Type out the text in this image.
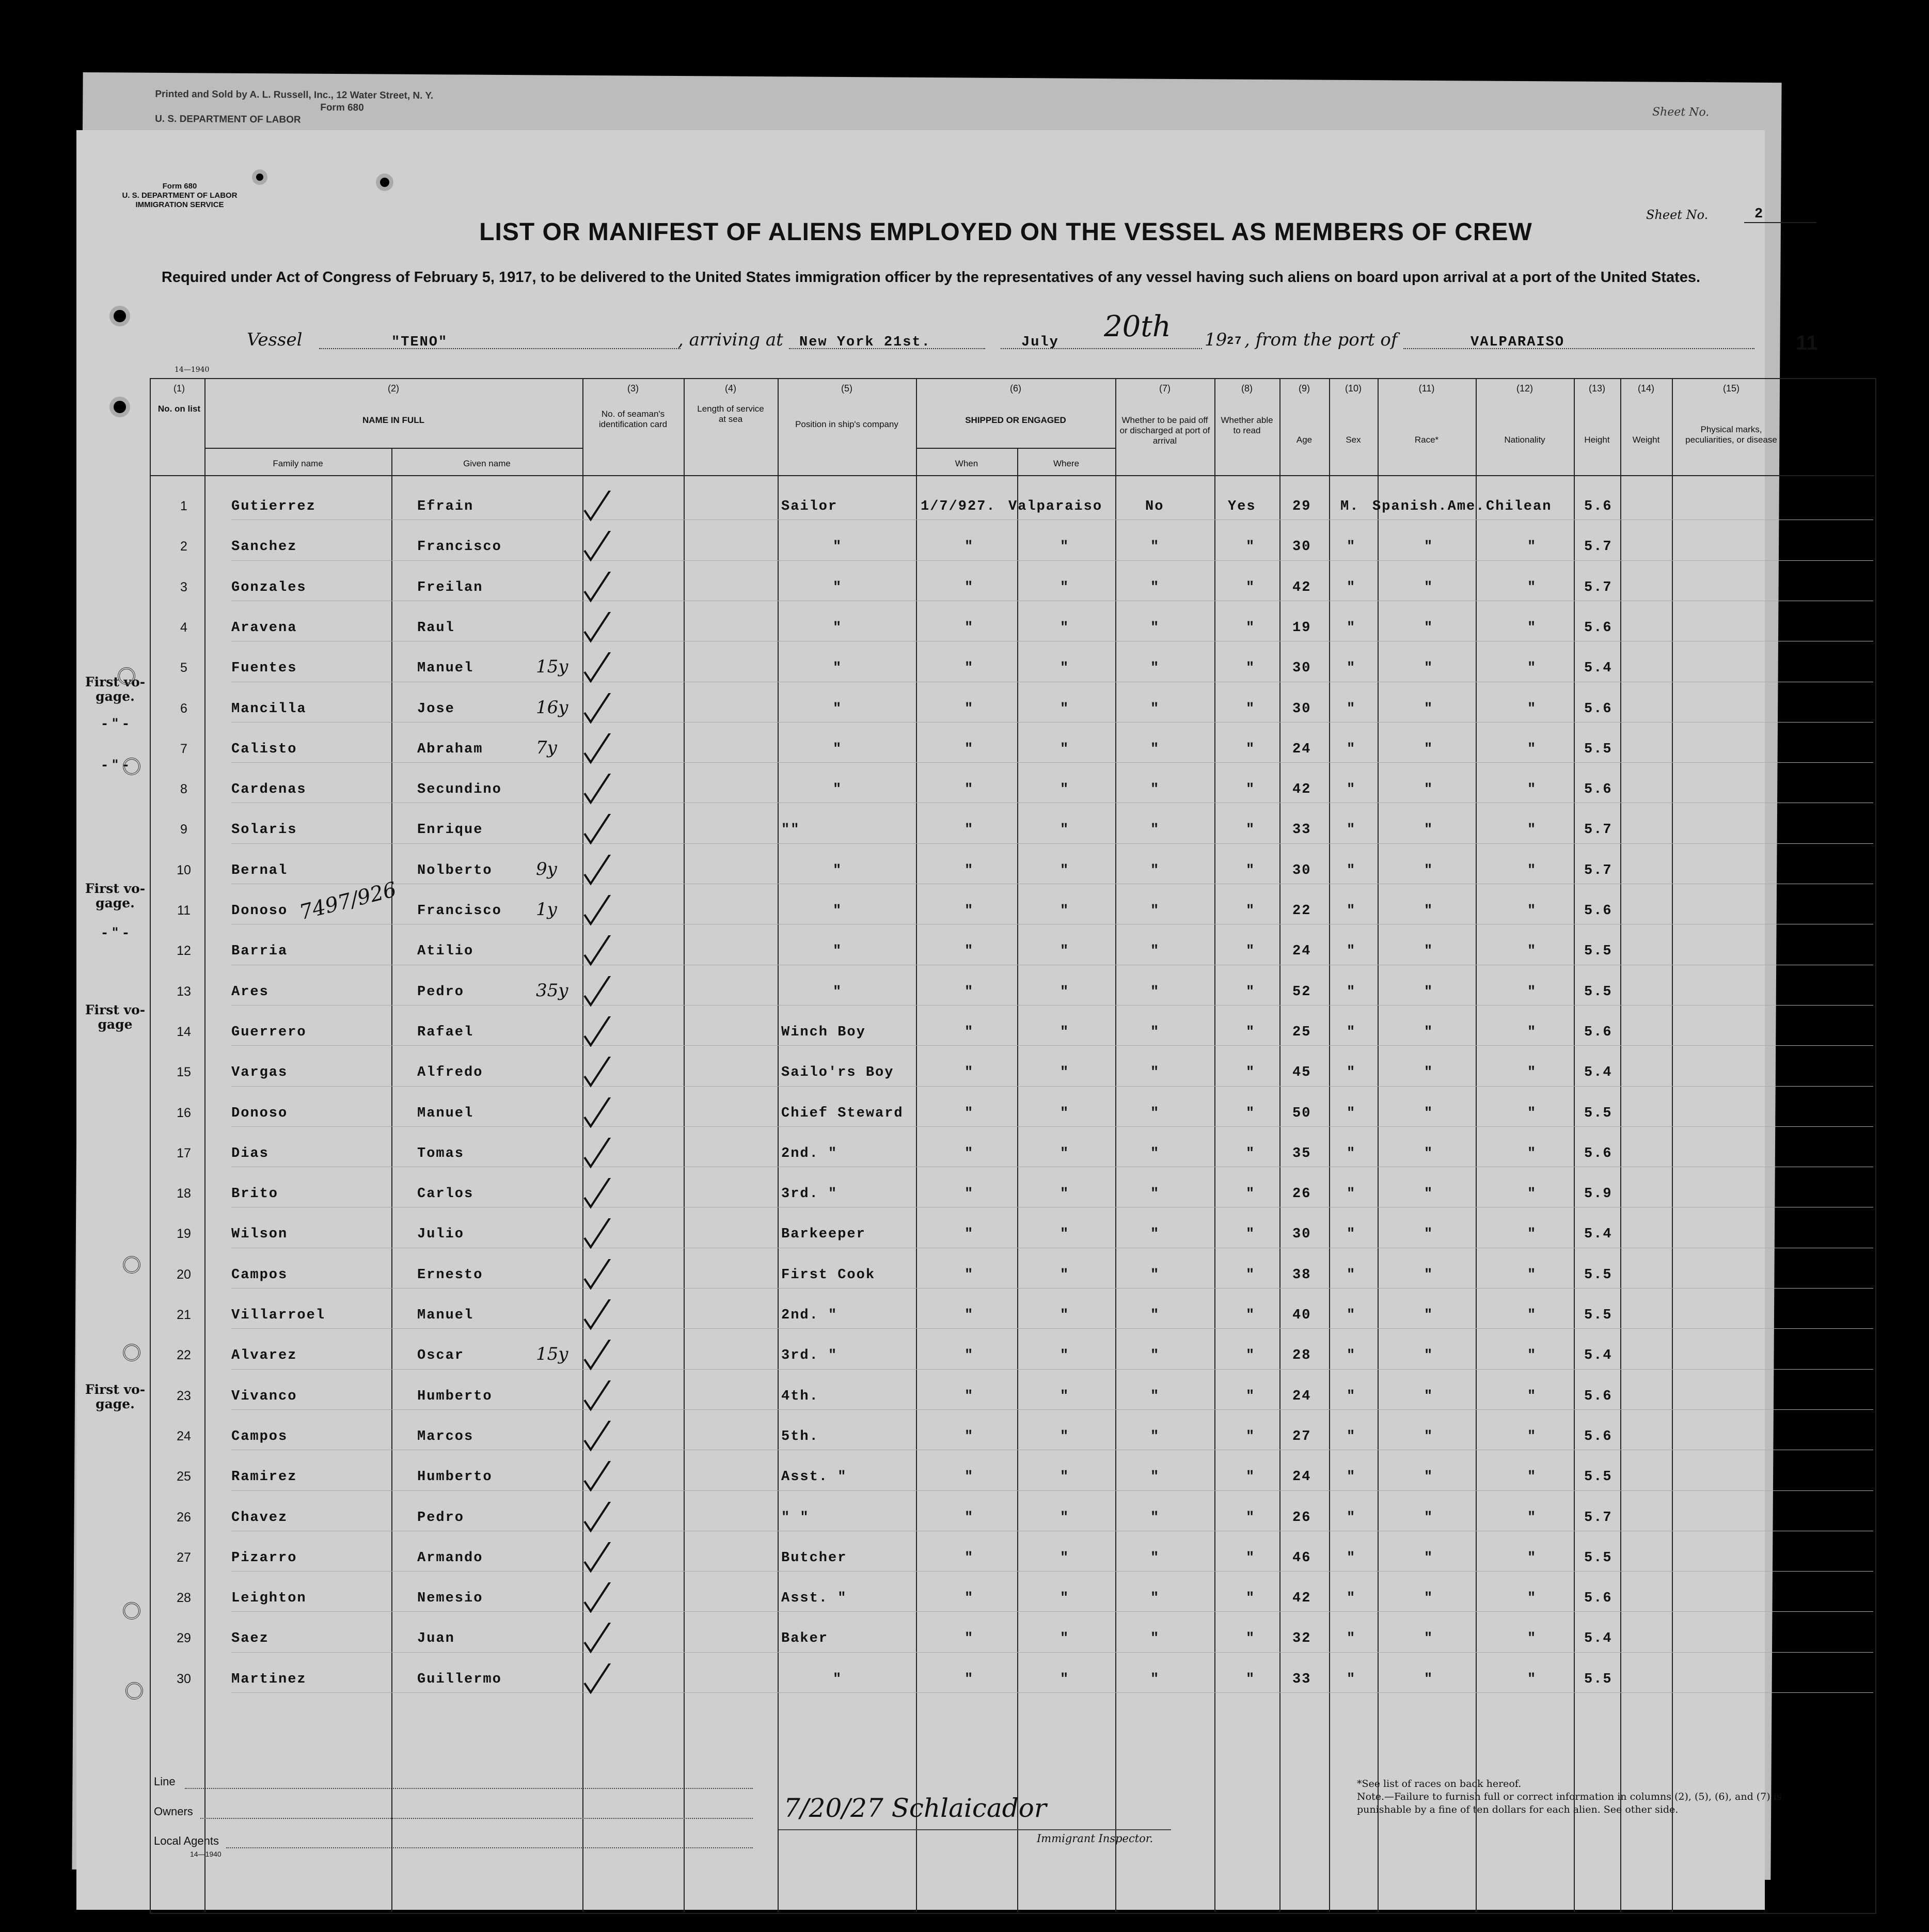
Printed and Sold by A. L. Russell, Inc., 12 Water Street, N. Y.
Form 680
U. S. DEPARTMENT OF LABOR
Sheet No.
Form 680
U. S. DEPARTMENT OF LABOR
IMMIGRATION SERVICE
LIST OR MANIFEST OF ALIENS EMPLOYED ON THE VESSEL AS MEMBERS OF CREW
Sheet No.	2
Required under Act of Congress of February 5, 1917, to be delivered to the United States immigration officer by the representatives of any vessel having such aliens on board upon arrival at a port of the United States.
Vessel	"TENO"	, arriving at New York 21st.	July 20th 19 27 , from the port of	VALPARAISO	11
14—1940
(1)	(2)	(3)	(4)	(5)	(6)	(7)	(8)	(9)	(10)	(11)	(12)	(13)	(14)	(15)
No. on list
NAME IN FULL
Family name	Given name
No. of seaman's identification card
Length of service at sea
Position in ship's company	SHIPPED OR ENGAGED
When	Where
Whether to be paid off or discharged at port of arrival
Whether able to read
Age	Sex	Race*	Nationality	Height	Weight
Physical marks, peculiarities, or disease
1	Gutierrez	Efrain	Sailor	1/7/927. Valparaiso	No	Yes	29 M. Spanish.Ame. Chilean 5.6
2	Sanchez	Francisco	"	"	"	"	"	30	"	"	"	5.7
3	Gonzales	Freilan	"	"	"	"	"	42	"	"	"	5.7
4	Aravena	Raul	"	"	"	"	"	19	"	"	"	5.6
5	Fuentes	Manuel	"	"	"	"	"	30	"	"	"	5.4
15y
6	Mancilla	Jose	"	"	"	"	"	30	"	"	"	5.6
16y
7	Calisto	Abraham	"	"	"	"	"	24	"	"	"	5.5
7y
8	Cardenas	Secundino	"	"	"	"	"	42	"	"	"	5.6
9	Solaris	Enrique	""	"	"	"	"	33	"	"	"	5.7
10	Bernal	Nolberto	"	"	"	"	"	30	"	"	"	5.7
9y
11	Donoso	Francisco	"	"	"	"	"	22	"	"	"	5.6
1y
12	Barria	Atilio	"	"	"	"	"	24	"	"	"	5.5
13	Ares	Pedro	"	"	"	"	"	52	"	"	"	5.5
35y
14	Guerrero	Rafael	Winch Boy	"	"	"	"	25	"	"	"	5.6
15	Vargas	Alfredo	Sailo'rs Boy	"	"	"	"	45	"	"	"	5.4
16	Donoso	Manuel	Chief Steward	"	"	"	"	50	"	"	"	5.5
17	Dias	Tomas	2nd. "	"	"	"	"	35	"	"	"	5.6
18	Brito	Carlos	3rd. "	"	"	"	"	26	"	"	"	5.9
19	Wilson	Julio	Barkeeper	"	"	"	"	30	"	"	"	5.4
20	Campos	Ernesto	First Cook	"	"	"	"	38	"	"	"	5.5
21	Villarroel	Manuel	2nd. "	"	"	"	"	40	"	"	"	5.5
22	Alvarez	Oscar	3rd. "	"	"	"	"	28	"	"	"	5.4
15y
23	Vivanco	Humberto	4th.	"	"	"	"	24	"	"	"	5.6
24	Campos	Marcos	5th.	"	"	"	"	27	"	"	"	5.6
25	Ramirez	Humberto	Asst. "	"	"	"	"	24	"	"	"	5.5
26	Chavez	Pedro	" "	"	"	"	"	26	"	"	"	5.7
27	Pizarro	Armando	Butcher	"	"	"	"	46	"	"	"	5.5
28	Leighton	Nemesio	Asst. "	"	"	"	"	42	"	"	"	5.6
29	Saez	Juan	Baker	"	"	"	"	32	"	"	"	5.4
30	Martinez	Guillermo	"	"	"	"	"	33	"	"	"	5.5
First vo-gage.
- " -
- " -
First vo-gage.
- " -
First vo-gage
First vo-gage.
7497/926
Line
Owners
Local Agents
14—1940
7/20/27 Schlaicador
Immigrant Inspector.
*See list of races on back hereof.
Note.—Failure to furnish full or correct information in columns (2), (5), (6), and (7) is punishable by a fine of ten dollars for each alien. See other side.
